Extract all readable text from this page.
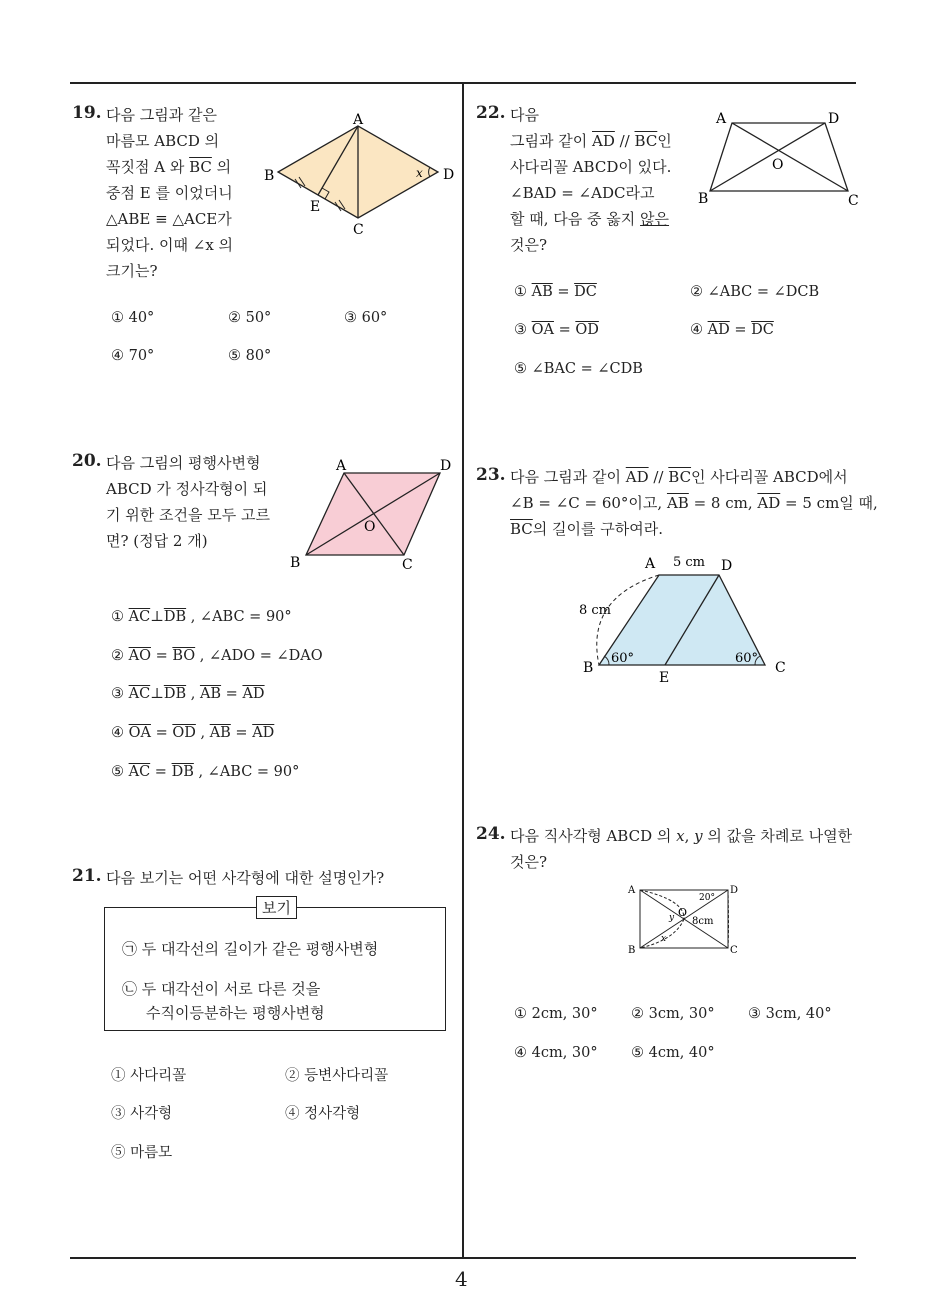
4
19. 다음 그림과 같은
마름모 ABCD 의
꼭짓점 A 와 $\overline{BC}$ 의
중점 E 를 이었더니
△ABE ≡ △ACE가
되었다. 이때 ∠x 의
크기는?
A
B
C
D
E
x
① 40°	② 50°	③ 60°
④ 70°	⑤ 80°
20. 다음 그림의 평행사변형
ABCD 가 정사각형이 되
기 위한 조건을 모두 고르
면? (정답 2 개)
A	D
B	C
O
① $\overline{AC}\perp\overline{DB}$ , ∠ABC = 90°
② $\overline{AO} = \overline{BO}$ , ∠ADO = ∠DAO
③ $\overline{AC}\perp\overline{DB}$ , $\overline{AB} = \overline{AD}$
④ $\overline{OA} = \overline{OD}$ , $\overline{AB} = \overline{AD}$
⑤ $\overline{AC} = \overline{DB}$ , ∠ABC = 90°
21. 다음 보기는 어떤 사각형에 대한 설명인가?
보기
㉠ 두 대각선의 길이가 같은 평행사변형
㉡ 두 대각선이 서로 다른 것을
수직이등분하는 평행사변형
① 사다리꼴	② 등변사다리꼴
③ 사각형	④ 정사각형
⑤ 마름모
22. 다음
그림과 같이 $\overline{AD} // \overline{BC}$인
사다리꼴 ABCD이 있다.
∠BAD = ∠ADC라고
할 때, 다음 중 옳지 않은
것은?
A	D
B	C
O
① $\overline{AB} = \overline{DC}$	② ∠ABC = ∠DCB
③ $\overline{OA} = \overline{OD}$	④ $\overline{AD} = \overline{DC}$
⑤ ∠BAC = ∠CDB
23. 다음 그림과 같이 $\overline{AD} // \overline{BC}$인 사다리꼴 ABCD에서
∠B = ∠C = 60°이고, $\overline{AB} = 8$ cm, $\overline{AD} = 5$ cm일 때,
$\overline{BC}$의 길이를 구하여라.
A	D
B	C
E
5 cm
8 cm
60°	60°
24. 다음 직사각형 ABCD 의 x, y 의 값을 차례로 나열한
것은?
A	D
B	C
O
20°
8cm
x
y
① 2cm, 30° ② 3cm, 30° ③ 3cm, 40°
④ 4cm, 30° ⑤ 4cm, 40°
